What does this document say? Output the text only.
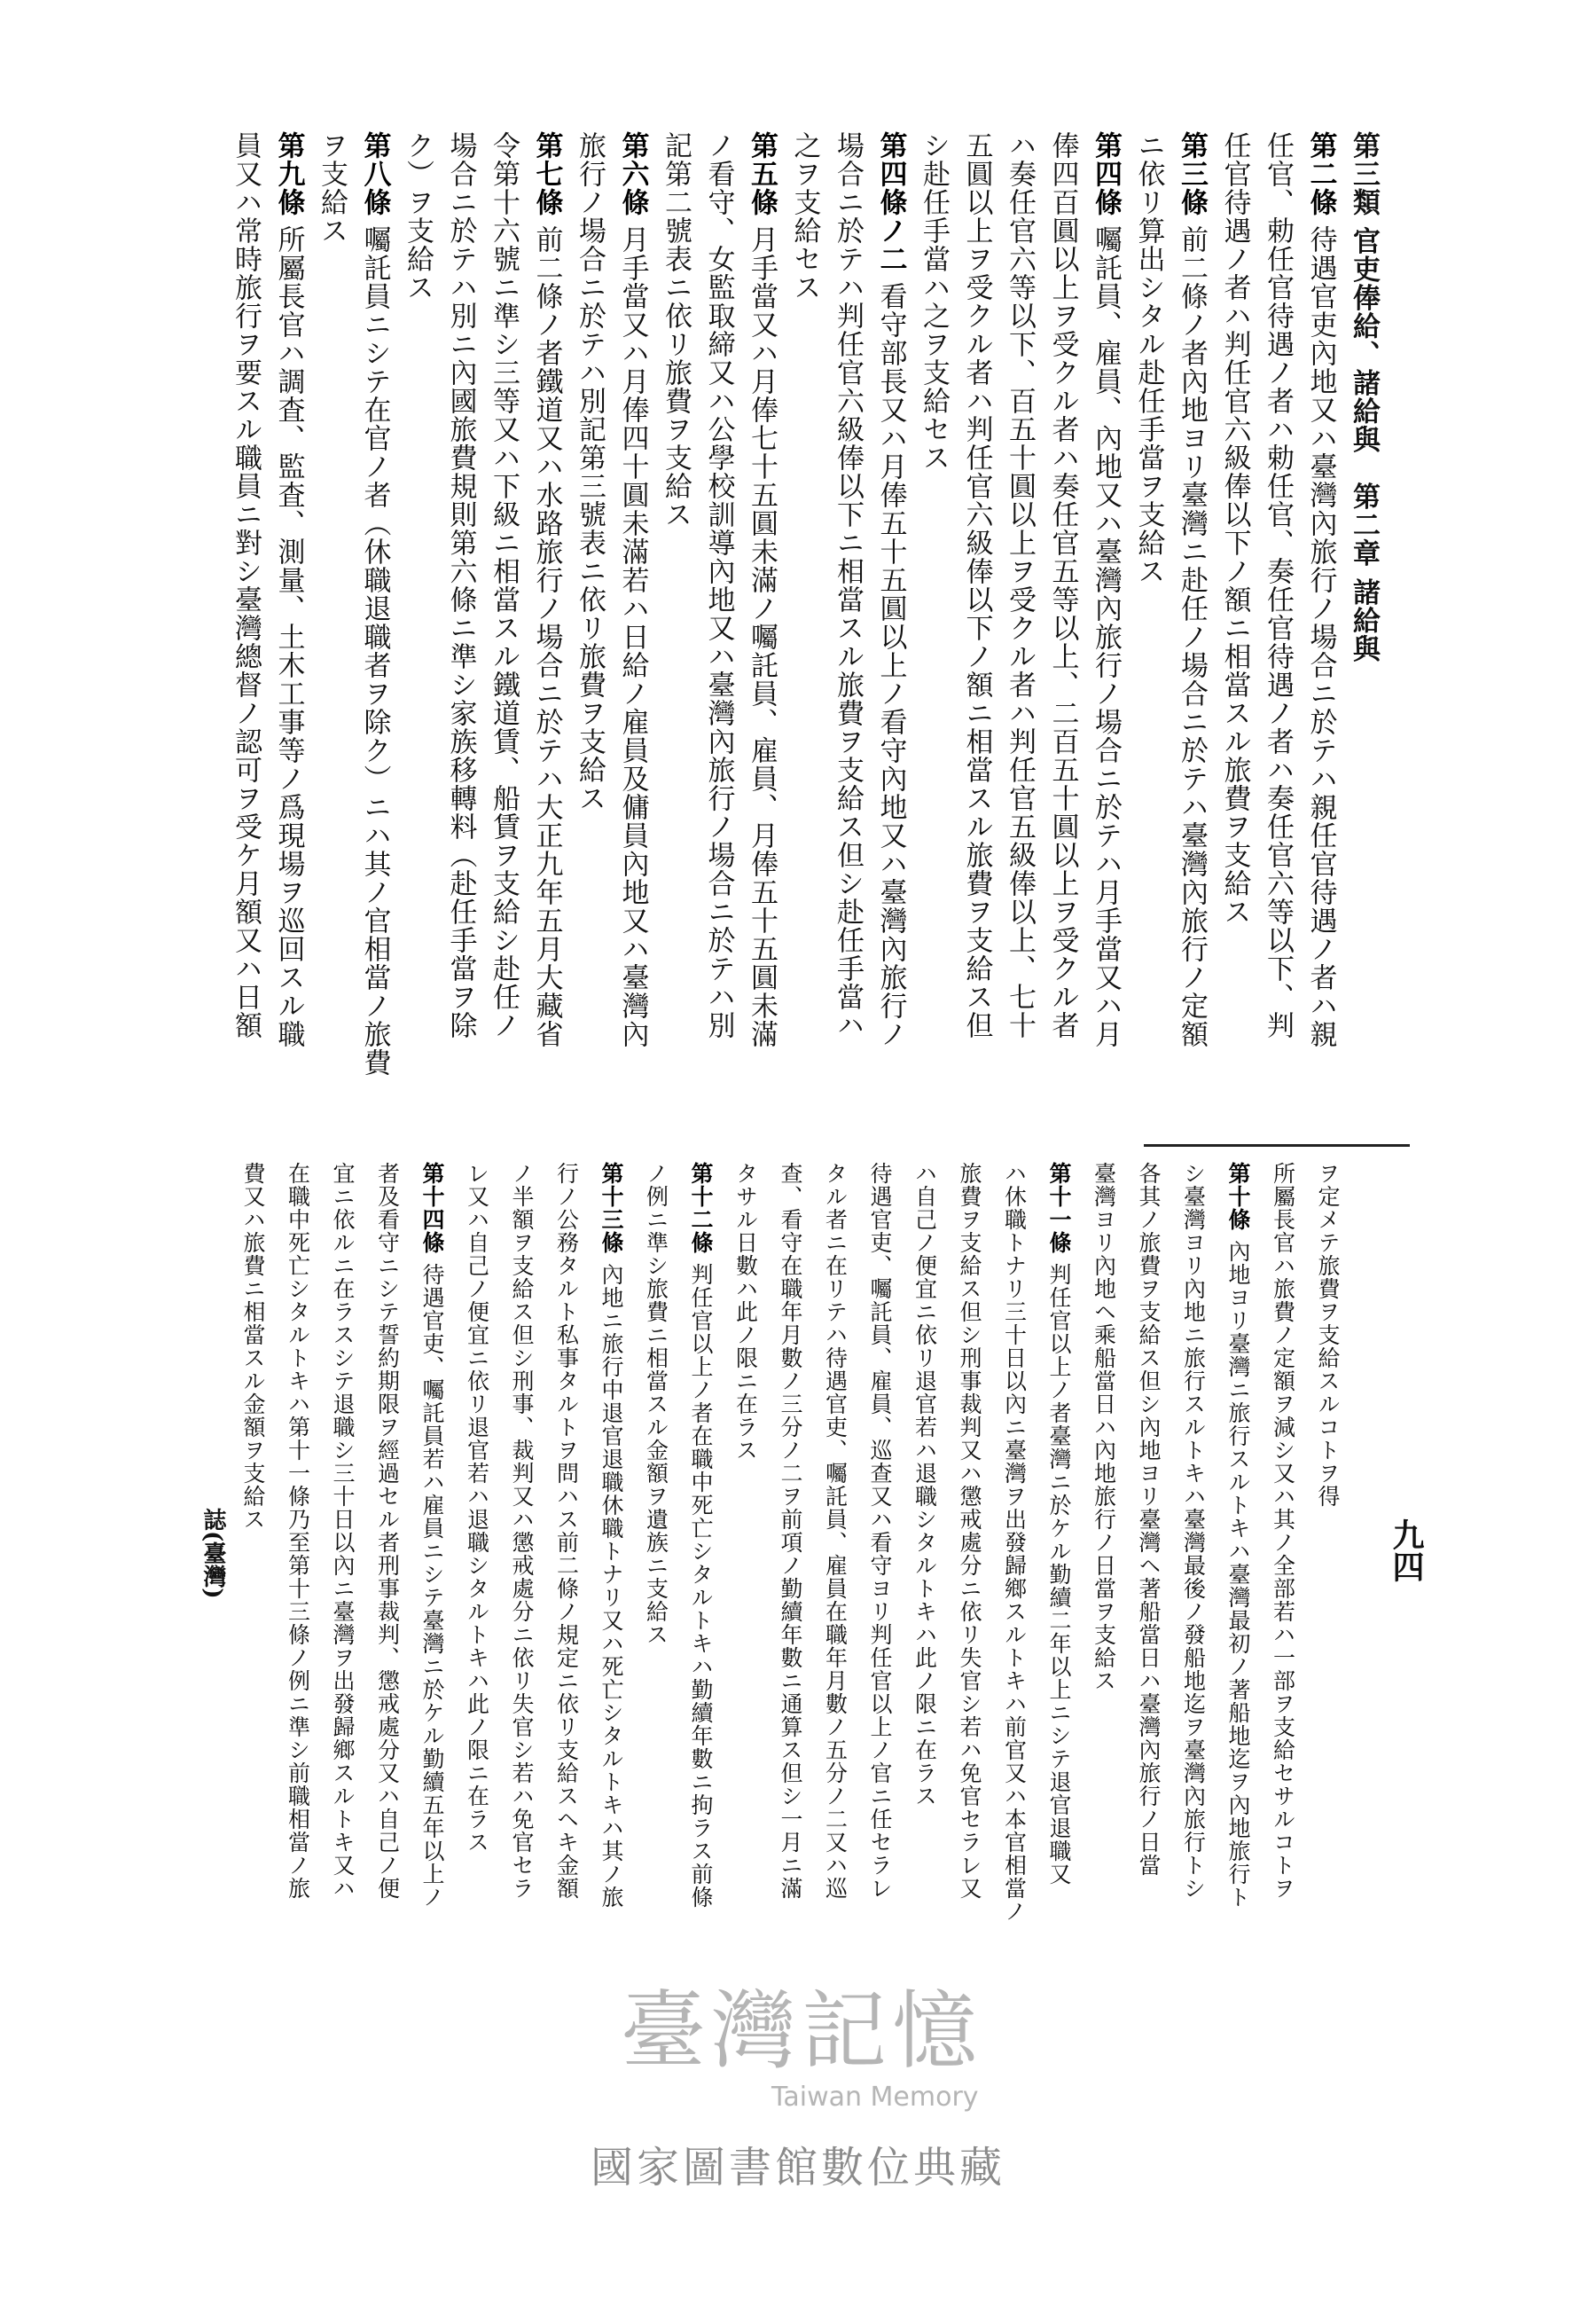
第三類 官吏俸給、諸給與　第二章 諸給與
第二條待遇官吏內地又ハ臺灣內旅行ノ場合ニ於テハ親任官待遇ノ者ハ親
任官、勅任官待遇ノ者ハ勅任官、奏任官待遇ノ者ハ奏任官六等以下、判
任官待遇ノ者ハ判任官六級俸以下ノ額ニ相當スル旅費ヲ支給ス
第三條前二條ノ者內地ヨリ臺灣ニ赴任ノ場合ニ於テハ臺灣內旅行ノ定額
ニ依リ算出シタル赴任手當ヲ支給ス
第四條囑託員、雇員、內地又ハ臺灣內旅行ノ場合ニ於テハ月手當又ハ月
俸四百圓以上ヲ受クル者ハ奏任官五等以上、二百五十圓以上ヲ受クル者
ハ奏任官六等以下、百五十圓以上ヲ受クル者ハ判任官五級俸以上、七十
五圓以上ヲ受クル者ハ判任官六級俸以下ノ額ニ相當スル旅費ヲ支給ス但
シ赴任手當ハ之ヲ支給セス
第四條ノ二看守部長又ハ月俸五十五圓以上ノ看守內地又ハ臺灣內旅行ノ
場合ニ於テハ判任官六級俸以下ニ相當スル旅費ヲ支給ス但シ赴任手當ハ
之ヲ支給セス
第五條月手當又ハ月俸七十五圓未滿ノ囑託員、雇員、月俸五十五圓未滿
ノ看守、女監取締又ハ公學校訓導內地又ハ臺灣內旅行ノ場合ニ於テハ別
記第二號表ニ依リ旅費ヲ支給ス
第六條月手當又ハ月俸四十圓未滿若ハ日給ノ雇員及傭員內地又ハ臺灣內
旅行ノ場合ニ於テハ別記第三號表ニ依リ旅費ヲ支給ス
第七條前二條ノ者鐵道又ハ水路旅行ノ場合ニ於テハ大正九年五月大藏省
令第十六號ニ準シ三等又ハ下級ニ相當スル鐵道賃、船賃ヲ支給シ赴任ノ
場合ニ於テハ別ニ內國旅費規則第六條ニ準シ家族移轉料（赴任手當ヲ除
ク）ヲ支給ス
第八條囑託員ニシテ在官ノ者（休職退職者ヲ除ク）ニハ其ノ官相當ノ旅費
ヲ支給ス
第九條所屬長官ハ調査、監査、測量、土木工事等ノ爲現場ヲ巡回スル職
員又ハ常時旅行ヲ要スル職員ニ對シ臺灣總督ノ認可ヲ受ケ月額又ハ日額
ヲ定メテ旅費ヲ支給スルコトヲ得
所屬長官ハ旅費ノ定額ヲ減シ又ハ其ノ全部若ハ一部ヲ支給セサルコトヲ
第十條內地ヨリ臺灣ニ旅行スルトキハ臺灣最初ノ著船地迄ヲ內地旅行ト
シ臺灣ヨリ內地ニ旅行スルトキハ臺灣最後ノ發船地迄ヲ臺灣內旅行トシ
各其ノ旅費ヲ支給ス但シ內地ヨリ臺灣ヘ著船當日ハ臺灣內旅行ノ日當
臺灣ヨリ內地ヘ乘船當日ハ內地旅行ノ日當ヲ支給ス
第十一條判任官以上ノ者臺灣ニ於ケル勤續二年以上ニシテ退官退職又
ハ休職トナリ三十日以內ニ臺灣ヲ出發歸鄉スルトキハ前官又ハ本官相當ノ
旅費ヲ支給ス但シ刑事裁判又ハ懲戒處分ニ依リ失官シ若ハ免官セラレ又
ハ自己ノ便宜ニ依リ退官若ハ退職シタルトキハ此ノ限ニ在ラス
待遇官吏、囑託員、雇員、巡查又ハ看守ヨリ判任官以上ノ官ニ任セラレ
タル者ニ在リテハ待遇官吏、囑託員、雇員在職年月數ノ五分ノ二又ハ巡
查、看守在職年月數ノ三分ノ二ヲ前項ノ勤續年數ニ通算ス但シ一月ニ滿
タサル日數ハ此ノ限ニ在ラス
第十二條判任官以上ノ者在職中死亡シタルトキハ勤續年數ニ拘ラス前條
ノ例ニ準シ旅費ニ相當スル金額ヲ遺族ニ支給ス
第十三條內地ニ旅行中退官退職休職トナリ又ハ死亡シタルトキハ其ノ旅
行ノ公務タルト私事タルトヲ問ハス前二條ノ規定ニ依リ支給スヘキ金額
ノ半額ヲ支給ス但シ刑事、裁判又ハ懲戒處分ニ依リ失官シ若ハ免官セラ
レ又ハ自己ノ便宜ニ依リ退官若ハ退職シタルトキハ此ノ限ニ在ラス
第十四條待遇官吏、囑託員若ハ雇員ニシテ臺灣ニ於ケル勤續五年以上ノ
者及看守ニシテ誓約期限ヲ經過セル者刑事裁判、懲戒處分又ハ自己ノ便
宜ニ依ルニ在ラスシテ退職シ三十日以內ニ臺灣ヲ出發歸鄉スルトキ又ハ
在職中死亡シタルトキハ第十一條乃至第十三條ノ例ニ準シ前職相當ノ旅
費又ハ旅費ニ相當スル金額ヲ支給ス
九四
誌(臺灣)
臺灣記憶
Taiwan Memory
國家圖書館數位典藏
